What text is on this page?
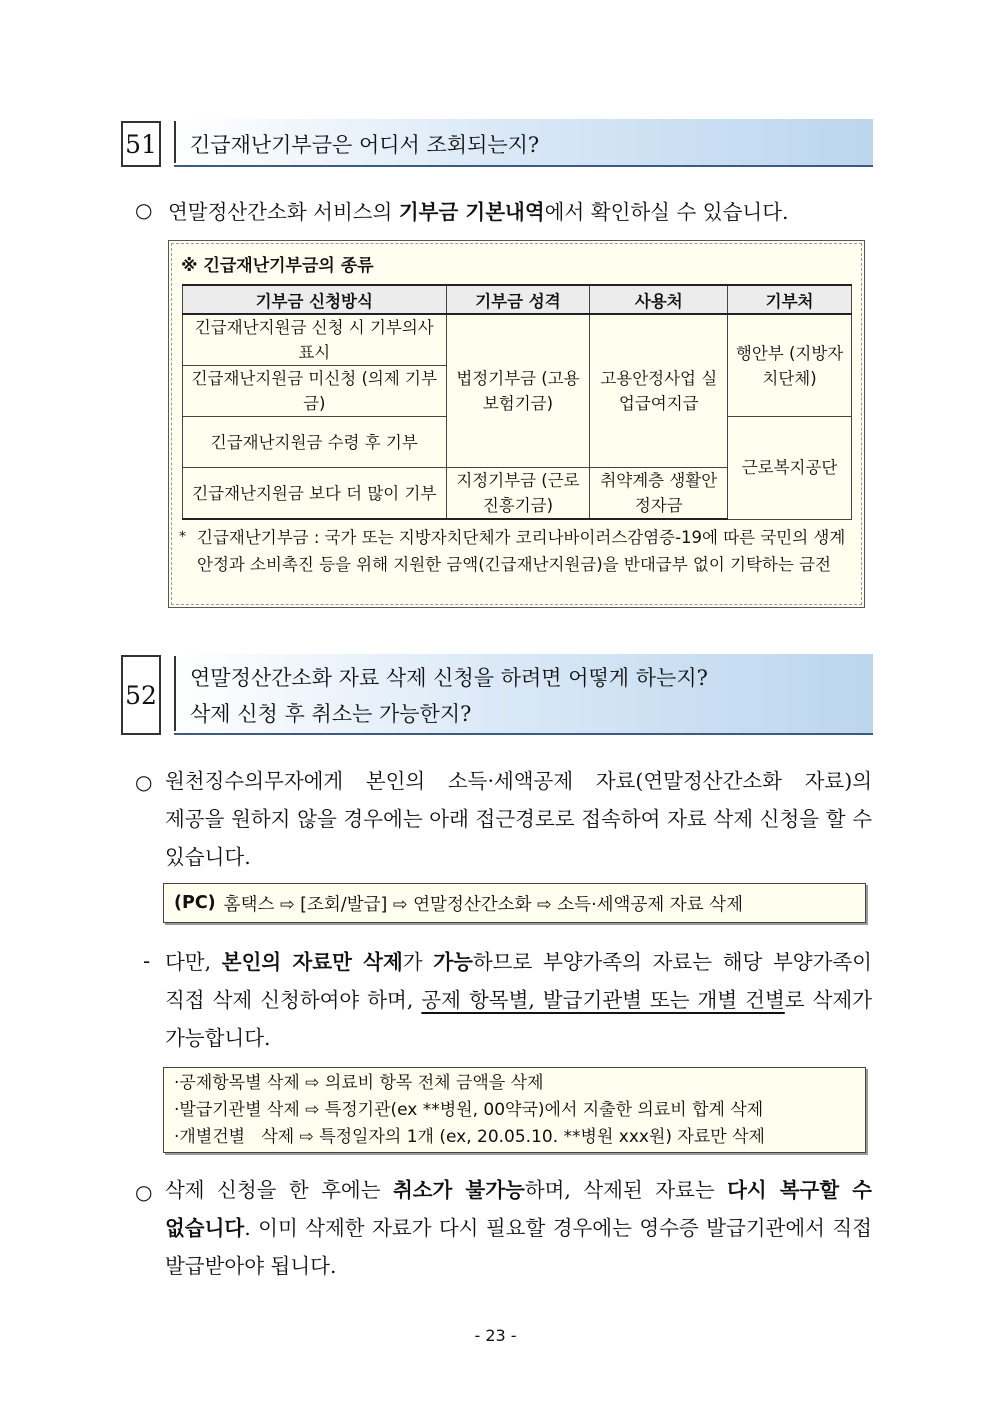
51 긴급재난기부금은 어디서 조회되는지?
○ 연말정산간소화 서비스의 기부금 기본내역에서 확인하실 수 있습니다.
※ 긴급재난기부금의 종류
기부금 신청방식	기부금 성격	사용처	기부처
긴급재난지원금 신청 시 기부의사 표시	법정기부금 (고용보험기금)	고용안정사업 실업급여지급	행안부 (지방자치단체)
긴급재난지원금 미신청 (의제 기부금)			
긴급재난지원금 수령 후 기부			근로복지공단
긴급재난지원금 보다 더 많이 기부	지정기부금 (근로진흥기금)	취약계층 생활안정자금	
* 긴급재난기부금 : 국가 또는 지방자치단체가 코리나바이러스감염증-19에 따른 국민의 생계안정과 소비촉진 등을 위해 지원한 금액(긴급재난지원금)을 반대급부 없이 기탁하는 금전
52
연말정산간소화 자료 삭제 신청을 하려면 어떻게 하는지?
삭제 신청 후 취소는 가능한지?
○ 원천징수의무자에게 본인의 소득·세액공제 자료(연말정산간소화 자료)의 제공을 원하지 않을 경우에는 아래 접근경로로 접속하여 자료 삭제 신청을 할 수 있습니다.
(PC) 홈택스 ⇨ [조회/발급] ⇨ 연말정산간소화 ⇨ 소득·세액공제 자료 삭제
- 다만, 본인의 자료만 삭제가 가능하므로 부양가족의 자료는 해당 부양가족이 직접 삭제 신청하여야 하며, 공제 항목별, 발급기관별 또는 개별 건별로 삭제가 가능합니다.
·공제항목별 삭제 ⇨ 의료비 항목 전체 금액을 삭제
·발급기관별 삭제 ⇨ 특정기관(ex **병원, 00약국)에서 지출한 의료비 합계 삭제
·개별건별   삭제 ⇨ 특정일자의 1개 (ex, 20.05.10. **병원 xxx원) 자료만 삭제
○ 삭제 신청을 한 후에는 취소가 불가능하며, 삭제된 자료는 다시 복구할 수 없습니다. 이미 삭제한 자료가 다시 필요할 경우에는 영수증 발급기관에서 직접 발급받아야 됩니다.
- 23 -
